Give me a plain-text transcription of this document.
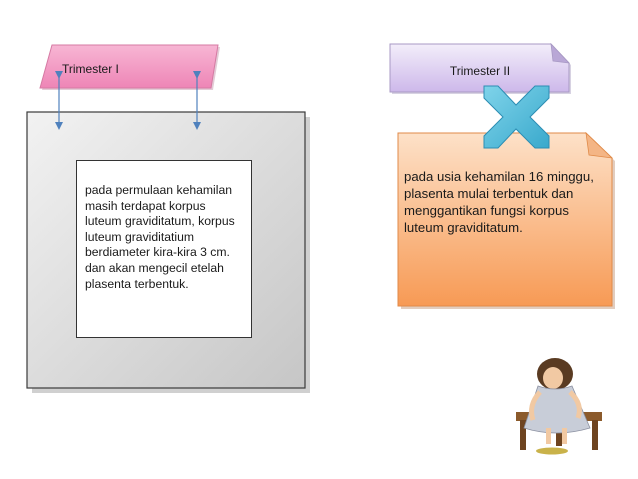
Trimester I	Trimester II
pada permulaan kehamilan masih terdapat korpus luteum graviditatum, korpus luteum graviditatium berdiameter kira-kira 3 cm. dan akan mengecil etelah plasenta terbentuk.
pada usia kehamilan 16 minggu, plasenta mulai terbentuk dan menggantikan fungsi korpus luteum graviditatum.
